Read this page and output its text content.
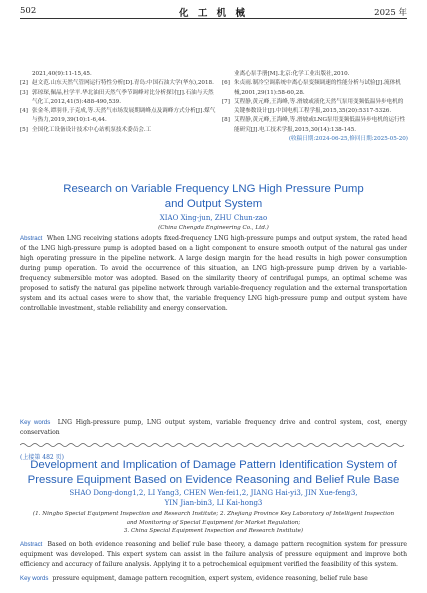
502	化 工 机 械	2025 年
2021,40(9):11-15,45.
[2] 赵文范.山东天然气管网运行特性分析[D].青岛:中国石油大学(华东),2018.
[3] 郭琼琛,佩晶,杜学平.华北油田天然气季节调峰对比分析探讨[J].石油与天然气化工,2012,41(5):488-490,539.
[4] 张金冬,谭羽非,于克成,等.天然气市场发展期调峰点及调峰方式分析[J].煤气与热力,2019,39(10):1-6,44.
[5] 全国化工设备设计技术中心站机泵技术委员会.工
业离心泵手册[M].北京:化学工业出版社,2010.
[6] 朱贞雨.制冷空调系统中离心泵变频调速的性能分析与试验[J].流体机械,2001,29(11):58-60,28.
[7] 艾程静,黄元峰,王海峰,等.滑坡或液化天然气泵用变频低温异步电机的关键参数设计[J].中国电机工程学报,2015,35(20):5317-5326.
[8] 艾程静,黄元峰,王海峰,等.滑坡或LNG泵用变频低温异步电机的运行性能研究[J].电工技术学报,2015,30(14):138-145.
(收稿日期:2024-06-25,修回日期:2025-05-20)
Research on Variable Frequency LNG High Pressure Pump
and Output System
XIAO Xing-jun, ZHU Chun-zao
(China Chengda Engineering Co., Ltd.)
Abstract When LNG receiving stations adopts fixed-frequency LNG high-pressure pumps and output system, the rated head of the LNG high-pressure pump is adopted based on a light component to ensure smooth output of the natural gas under high operating pressure in the pipeline network. A large design margin for the head results in high power consumption during pump operation. To avoid the occurrence of this situation, an LNG high-pressure pump driven by a variable-frequency submersible motor was adopted. Based on the similarity theory of centrifugal pumps, an optimal scheme was proposed to satisfy the natural gas pipeline network through variable-frequency regulation and the external transportation system and its actual cases were to show that, the variable frequency LNG high-pressure pump and output system have controllable investment, stable reliability and energy conservation.
Key words LNG High-pressure pump, LNG output system, variable frequency drive and control system, cost, energy conservation
(上接第 482 页)
Development and Implication of Damage Pattern Identification System of
Pressure Equipment Based on Evidence Reasoning and Belief Rule Base
SHAO Dong-dong1,2, LI Yang3, CHEN Wen-fei1,2, JIANG Hai-yi3, JIN Xue-feng3,
YIN Jian-bin3, LI Kai-hong3
(1. Ningbo Special Equipment Inspection and Research Institute; 2. Zhejiang Province Key Laboratory of Intelligent Inspection and Monitoring of Special Equipment for Market Regulation;
3. China Special Equipment Inspection and Research Institute)
Abstract Based on both evidence reasoning and belief rule base theory, a damage pattern recognition system for pressure equipment was developed. This expert system can assist in the failure analysis of pressure equipment and improve both efficiency and accuracy of failure analysis. Applying it to a petrochemical equipment verified the feasibility of this system.
Key words pressure equipment, damage pattern recognition, expert system, evidence reasoning, belief rule base
